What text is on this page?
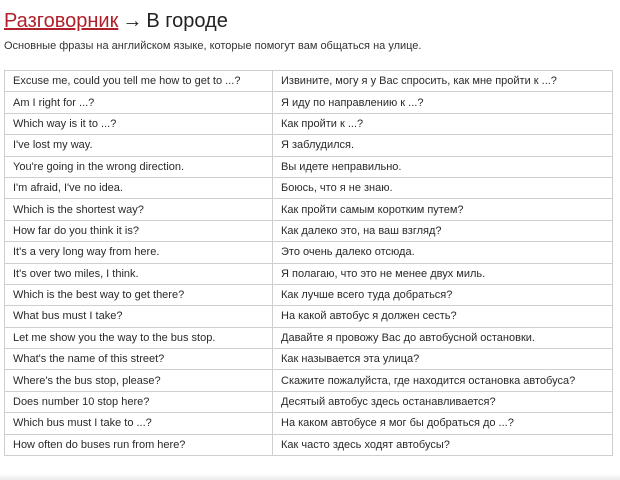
Разговорник → В городе
Основные фразы на английском языке, которые помогут вам общаться на улице.
Excuse me, could you tell me how to get to ...?	Извините, могу я у Вас спросить, как мне пройти к ...?
Am I right for ...?	Я иду по направлению к ...?
Which way is it to ...?	Как пройти к ...?
I've lost my way.	Я заблудился.
You're going in the wrong direction.	Вы идете неправильно.
I'm afraid, I've no idea.	Боюсь, что я не знаю.
Which is the shortest way?	Как пройти самым коротким путем?
How far do you think it is?	Как далеко это, на ваш взгляд?
It's a very long way from here.	Это очень далеко отсюда.
It's over two miles, I think.	Я полагаю, что это не менее двух миль.
Which is the best way to get there?	Как лучше всего туда добраться?
What bus must I take?	На какой автобус я должен сесть?
Let me show you the way to the bus stop.	Давайте я провожу Вас до автобусной остановки.
What's the name of this street?	Как называется эта улица?
Where's the bus stop, please?	Скажите пожалуйста, где находится остановка автобуса?
Does number 10 stop here?	Десятый автобус здесь останавливается?
Which bus must I take to ...?	На каком автобусе я мог бы добраться до ...?
How often do buses run from here?	Как часто здесь ходят автобусы?
